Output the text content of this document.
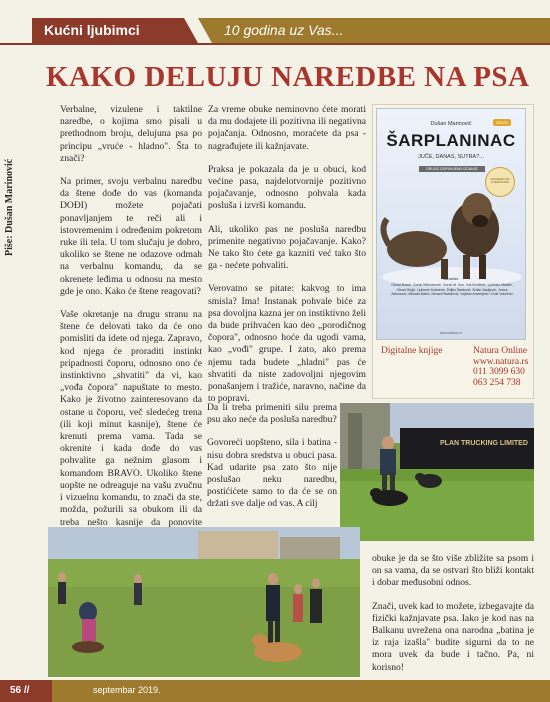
Kućni ljubimci	10 godina uz Vas...
Piše: Dušan Marinović
KAKO DELUJU NAREDBE NA PSA

Verbalne, vizulene i taktilne naredbe, o kojima smo pisali u prethodnom broju, delujuna psa po principu „vruće - hladno". Šta to znači?

Na primer, svoju verbalnu naredbu da štene dođe do vas (komanda DOĐI) možete pojačati ponavljanjem te reči ali i istovremenim i određenim pokretom ruke ili tela. U tom slučaju je dobro, ukoliko se štene ne odazove odmah na verbalnu komandu, da se okrenete leđima u odnosu na mesto gde je ono. Kako će štene reagovati?

Vaše okretanje na drugu stranu na štene će delovati tako da će ono pomisliti da idete od njega. Zapravo, kod njega će proraditi instinkt pripadnosti čoporu, odnosno ono će instinktivno „shvatiti" da vi, kao „vođa čopora" napuštate to mesto. Kako je životno zainteresovano da ostane u čoporu, več sledećeg trena (ili koji minut kasnije), štene će krenuti prema vama. Tada se okrenite i kada dođe do vas pohvalite ga nežnim glasom i komandom BRAVO. Ukoliko štene uopšte ne odreaguje na vašu zvučnu i vizuelnu komandu, to znači da ste, možda, požurili sa obukom ili da treba nešto kasnije da ponovite

Za vreme obuke neminovno ćete morati da mu dodajete ili pozitivna ili negativna pojačanja. Odnosno, moraćete da psa - nagrađujete ili kažnjavate.

Praksa je pokazala da je u obuci, kod većine pasa, najdelotvornije pozitivno pojačavanje, odnosno pohvala kada posluša i izvrši komandu.

Ali, ukoliko pas ne posluša naredbu primenite negativno pojačavanje. Kako? Ne tako što ćete ga kazniti već tako što ga - nećete pohvaliti.

Verovatno se pitate: kakvog to ima smisla? Ima! Instanak pohvale biće za psa dovoljna kazna jer on instiktivno želi da bude prihvaćen kao deo „porodičnog čopora", odnosno hoće da ugodi vama, kao „vođi" grupe. I zato, ako prema njemu tada budete „hladni" pas će shvatiti da niste zadovoljni njegovim ponašanjem i tražiće, naravno, načine da to popravi.

Da li treba primeniti silu prema psu ako neće da posluša naredbu?

Govoreći uopšteno, sila i batina - nisu dobra sredstva u obuci pasa. Kad udarite psa zato što nije poslušao neku naredbu, postićićete samo to da će se on držati sve dalje od vas. A cilj

obuke je da se što više zbližite sa psom i on sa vama, da se ostvari što bliži kontakt i dobar međusobni odnos.

Znači, uvek kad to možete, izbegavajte da fizički kažnjavate psa. Iako je kod nas na Balkanu uvrežena ona narodna „batina je iz raja izašla" budite sigurni da to ne mora uvek da bude i tačno. Pa, ni korisno!

Dušan Marinović	NOVO
ŠARPLANINAC
JUČE, DANAS, SUTRA?...
DRUGO DOPUNJENO IZDANJE
NAGRADA ZA LITERATURU
Saradnici:
Obrad Bračić, Goran Milovanović, Goran M. Kos, Vuk Đorđević, Ljubinko Matičić, Obrad Stojić, Ljubomir Kolarević, Željko Šavković, Srđan Vasiljević, Jovica Zakonović, Milovan Babić, Nenad Radošević, Vojislav Arsenijević i Dule Vukčević
www.natura.rs
Digitalne knjige	Natura Online
www.natura.rs
011 3099 630
063 254 738
PLAN TRUCKING LIMITED
56 //	septembar 2019.
